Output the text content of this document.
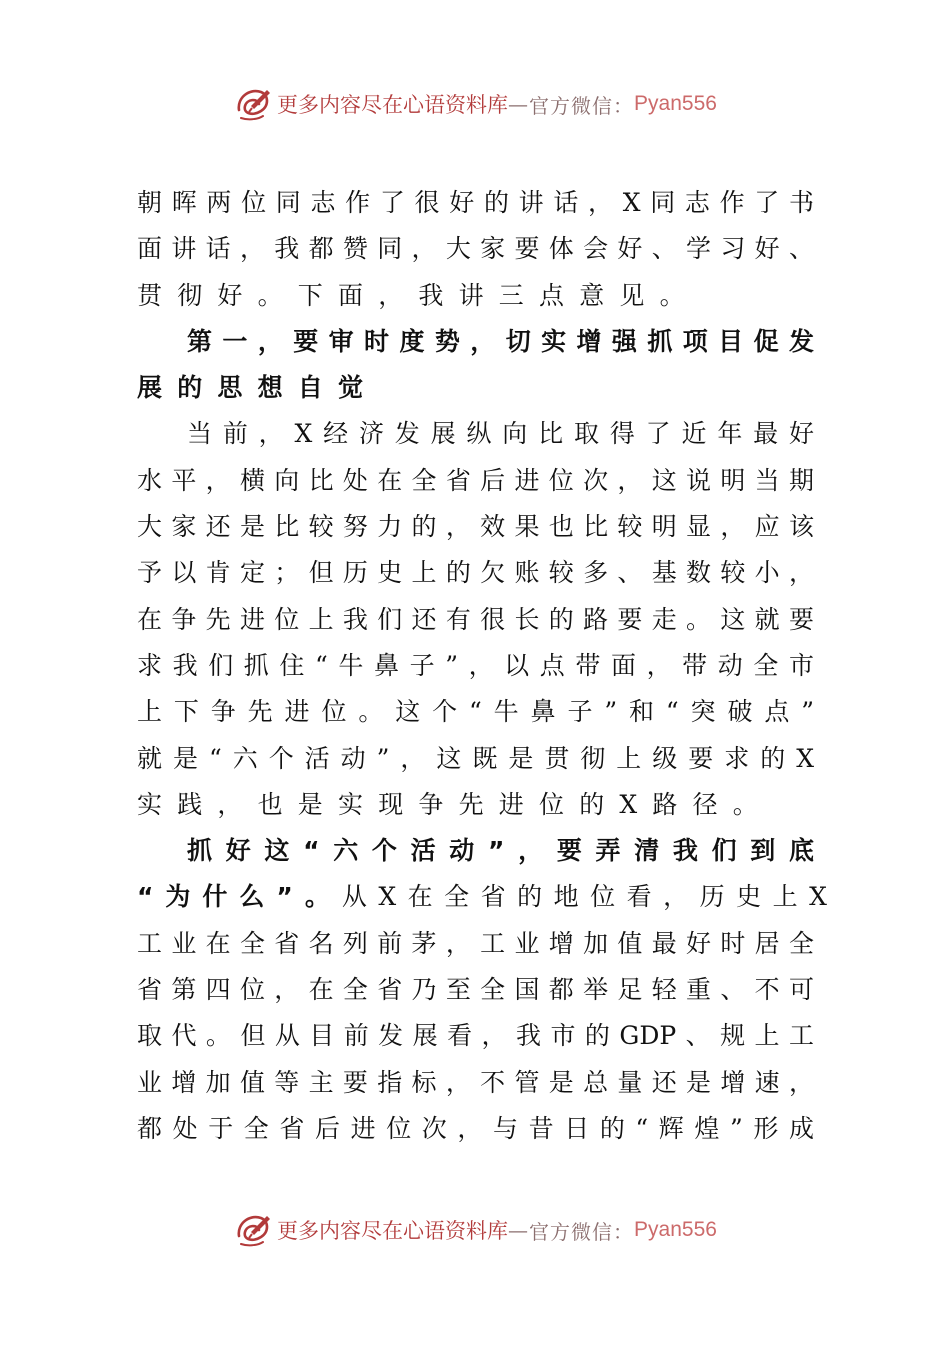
更多内容尽在心语资料库 — 官方微信： Pyan556
朝晖两位同志作了很好的讲话，X同志作了书
面讲话，我都赞同，大家要体会好、学习好、
贯彻好。下面，我讲三点意见。
第一，要审时度势，切实增强抓项目促发
展的思想自觉
当前，X经济发展纵向比取得了近年最好
水平，横向比处在全省后进位次，这说明当期
大家还是比较努力的，效果也比较明显，应该
予以肯定；但历史上的欠账较多、基数较小，
在争先进位上我们还有很长的路要走。这就要
求我们抓住“牛鼻子”，以点带面，带动全市
上下争先进位。这个“牛鼻子”和“突破点”
就是“六个活动”，这既是贯彻上级要求的X
实践，也是实现争先进位的X路径。
抓好这“六个活动”，要弄清我们到底
“为什么”。 从X在全省的地位看，历史上X
工业在全省名列前茅，工业增加值最好时居全
省第四位，在全省乃至全国都举足轻重、不可
取代。但从目前发展看，我市的GDP、规上工
业增加值等主要指标，不管是总量还是增速，
都处于全省后进位次，与昔日的“辉煌”形成
更多内容尽在心语资料库 — 官方微信： Pyan556
